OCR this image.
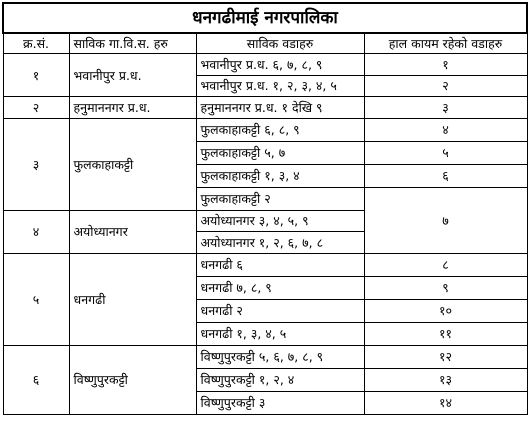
धनगढीमाई नगरपालिका			
क्र.सं.	साविक गा.वि.स. हरु	साविक वडाहरु	हाल कायम रहेको वडाहरु
१	भवानीपुर प्र.ध.	भवानीपुर प्र.ध. ६, ७, ८, ९	१
		भवानीपुर प्र.ध. १, २, ३, ४, ५	२
२	हनुमाननगर प्र.ध.	हनुमाननगर प्र.ध. १ देखि ९	३
३	फुलकाहाकट्टी	फुलकाहाकट्टी ६, ८, ९	४
		फुलकाहाकट्टी ५, ७	५
		फुलकाहाकट्टी १, ३, ४	६
		फुलकाहाकट्टी २	७
४	अयोध्यानगर	अयोध्यानगर ३, ४, ५, ९	
		अयोध्यानगर १, २, ६, ७, ८	
५	धनगढी	धनगढी ६	८
		धनगढी ७, ८, ९	९
		धनगढी २	१०
		धनगढी १, ३, ४, ५	११
६	विष्णुपुरकट्टी	विष्णुपुरकट्टी ५, ६, ७, ८, ९	१२
		विष्णुपुरकट्टी १, २, ४	१३
		विष्णुपुरकट्टी ३	१४
